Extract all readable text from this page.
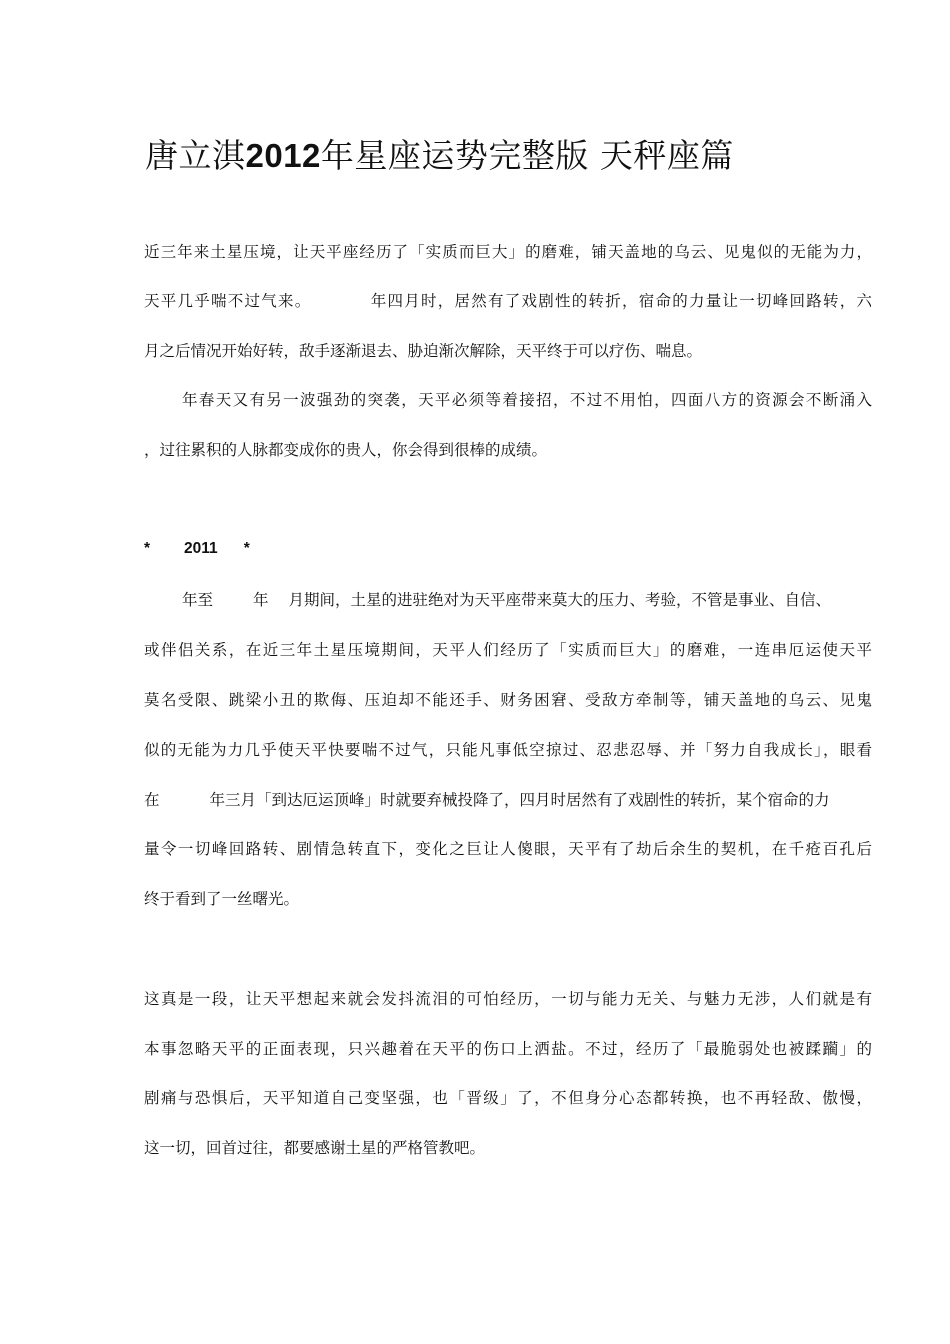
唐立淇2012年星座运势完整版 天秤座篇
近三年来土星压境，让天平座经历了「实质而巨大」的磨难，铺天盖地的乌云、见鬼似的无能为力，
天平几乎喘不过气来。	年四月时，居然有了戏剧性的转折，宿命的力量让一切峰回路转，六
月之后情况开始好转，敌手逐渐退去、胁迫渐次解除，天平终于可以疗伤、喘息。
年春天又有另一波强劲的突袭，天平必须等着接招，不过不用怕，四面八方的资源会不断涌入
，过往累积的人脉都变成你的贵人，你会得到很棒的成绩。
* 2011 *
年至	年 月期间，土星的进驻绝对为天平座带来莫大的压力、考验，不管是事业、自信、
或伴侣关系，在近三年土星压境期间，天平人们经历了「实质而巨大」的磨难，一连串厄运使天平
莫名受限、跳梁小丑的欺侮、压迫却不能还手、财务困窘、受敌方牵制等，铺天盖地的乌云、见鬼
似的无能为力几乎使天平快要喘不过气，只能凡事低空掠过、忍悲忍辱、并「努力自我成长」，眼看
在	年三月「到达厄运顶峰」时就要弃械投降了，四月时居然有了戏剧性的转折，某个宿命的力
量令一切峰回路转、剧情急转直下，变化之巨让人傻眼，天平有了劫后余生的契机，在千疮百孔后
终于看到了一丝曙光。
这真是一段，让天平想起来就会发抖流泪的可怕经历，一切与能力无关、与魅力无涉，人们就是有
本事忽略天平的正面表现，只兴趣着在天平的伤口上洒盐。不过，经历了「最脆弱处也被蹂躏」的
剧痛与恐惧后，天平知道自己变坚强，也「晋级」了，不但身分心态都转换，也不再轻敌、傲慢，
这一切，回首过往，都要感谢土星的严格管教吧。
